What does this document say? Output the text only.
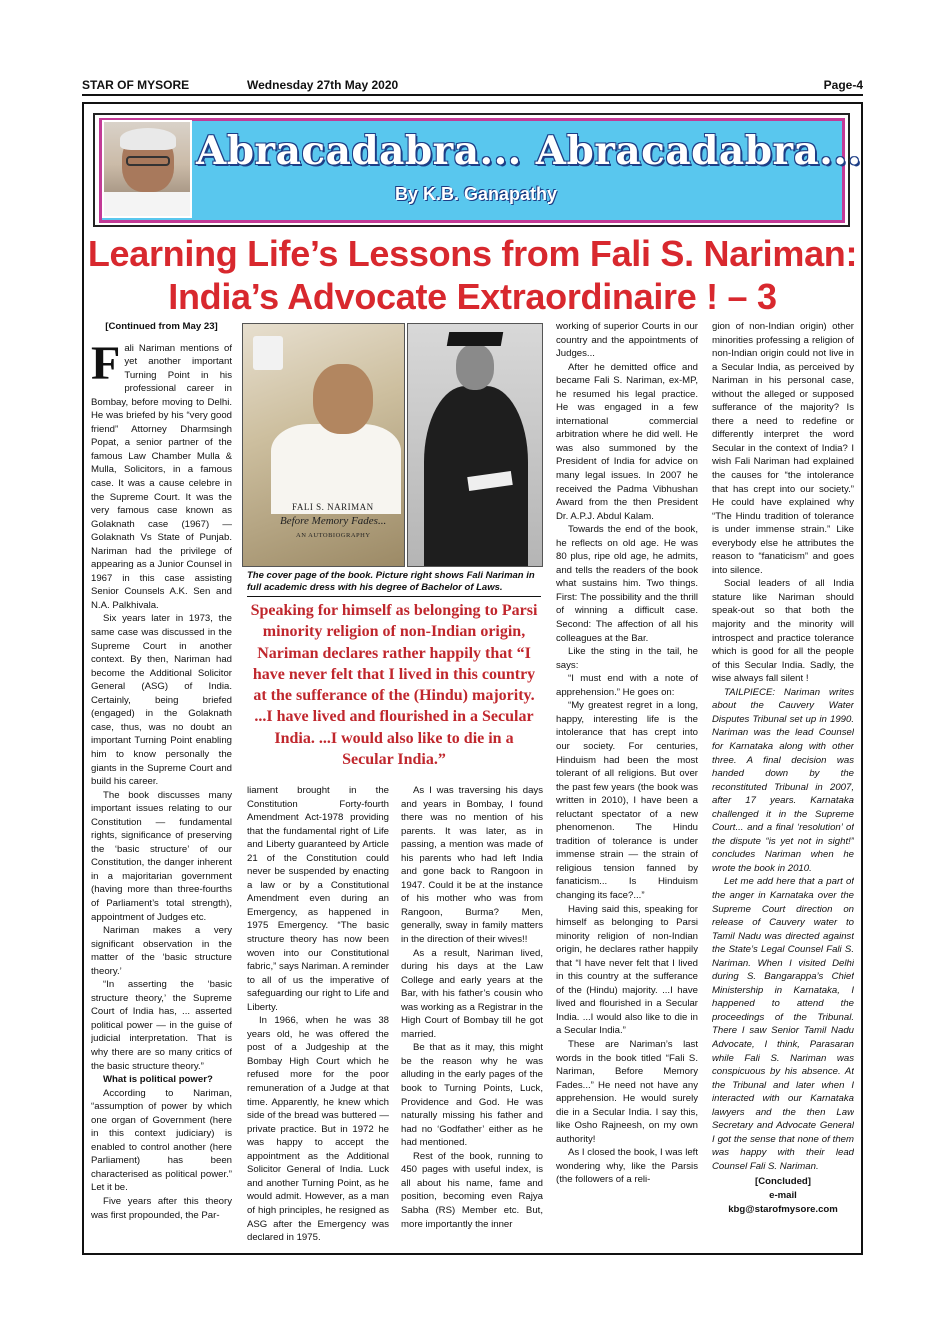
STAR OF MYSORE	Wednesday 27th May 2020	Page-4
Abracadabra... Abracadabra...
By K.B. Ganapathy
Learning Life’s Lessons from Fali S. Nariman:
India’s Advocate Extraordinaire ! – 3
[Continued from May 23]
F ali Nariman mentions of yet another important Turning Point in his professional career in Bombay, before moving to Delhi. He was briefed by his “very good friend” Attorney Dharmsingh Popat, a senior partner of the famous Law Chamber Mulla & Mulla, Solicitors, in a famous case. It was a cause celebre in the Supreme Court. It was the very famous case known as Golaknath case (1967) — Golaknath Vs State of Punjab. Nariman had the privilege of appearing as a Junior Counsel in 1967 in this case assisting Senior Counsels A.K. Sen and N.A. Palkhivala.

Six years later in 1973, the same case was discussed in the Supreme Court in another context. By then, Nariman had become the Additional Solicitor General (ASG) of India. Certainly, being briefed (engaged) in the Golaknath case, thus, was no doubt an important Turning Point enabling him to know personally the giants in the Supreme Court and build his career.

The book discusses many important issues relating to our Constitution — fundamental rights, significance of preserving the ‘basic structure’ of our Constitution, the danger inherent in a majoritarian government (having more than three-fourths of Parliament’s total strength), appointment of Judges etc.

Nariman makes a very significant observation in the matter of the ‘basic structure theory.’

“In asserting the ‘basic structure theory,’ the Supreme Court of India has, ... asserted political power — in the guise of judicial interpretation. That is why there are so many critics of the basic structure theory.”

What is political power?

According to Nariman, “assumption of power by which one organ of Government (here in this context judiciary) is enabled to control another (here Parliament) has been characterised as political power.” Let it be.

Five years after this theory was first propounded, the Par-

FALI S. NARIMAN
Before Memory Fades...
AN AUTOBIOGRAPHY
The cover page of the book. Picture right shows Fali Nariman in full academic dress with his degree of Bachelor of Laws.
Speaking for himself as belonging to Parsi minority religion of non-Indian origin, Nariman declares rather happily that “I have never felt that I lived in this country at the sufferance of the (Hindu) majority. ...I have lived and flourished in a Secular India. ...I would also like to die in a Secular India.”

liament brought in the Constitution Forty-fourth Amendment Act-1978 providing that the fundamental right of Life and Liberty guaranteed by Article 21 of the Constitution could never be suspended by enacting a law or by a Constitutional Amendment even during an Emergency, as happened in 1975 Emergency. “The basic structure theory has now been woven into our Constitutional fabric,” says Nariman. A reminder to all of us the imperative of safeguarding our right to Life and Liberty.

In 1966, when he was 38 years old, he was offered the post of a Judgeship at the Bombay High Court which he refused more for the poor remuneration of a Judge at that time. Apparently, he knew which side of the bread was buttered — private practice. But in 1972 he was happy to accept the appointment as the Additional Solicitor General of India. Luck and another Turning Point, as he would admit. However, as a man of high principles, he resigned as ASG after the Emergency was declared in 1975.

As I was traversing his days and years in Bombay, I found there was no mention of his parents. It was later, as in passing, a mention was made of his parents who had left India and gone back to Rangoon in 1947. Could it be at the instance of his mother who was from Rangoon, Burma? Men, generally, sway in family matters in the direction of their wives!!

As a result, Nariman lived, during his days at the Law College and early years at the Bar, with his father’s cousin who was working as a Registrar in the High Court of Bombay till he got married.

Be that as it may, this might be the reason why he was alluding in the early pages of the book to Turning Points, Luck, Providence and God. He was naturally missing his father and had no ‘Godfather’ either as he had mentioned.

Rest of the book, running to 450 pages with useful index, is all about his name, fame and position, becoming even Rajya Sabha (RS) Member etc. But, more importantly the inner

working of superior Courts in our country and the appointments of Judges...

After he demitted office and became Fali S. Nariman, ex-MP, he resumed his legal practice. He was engaged in a few international commercial arbitration where he did well. He was also summoned by the President of India for advice on many legal issues. In 2007 he received the Padma Vibhushan Award from the then President Dr. A.P.J. Abdul Kalam.

Towards the end of the book, he reflects on old age. He was 80 plus, ripe old age, he admits, and tells the readers of the book what sustains him. Two things. First: The possibility and the thrill of winning a difficult case. Second: The affection of all his colleagues at the Bar.

Like the sting in the tail, he says:

“I must end with a note of apprehension.” He goes on:

“My greatest regret in a long, happy, interesting life is the intolerance that has crept into our society. For centuries, Hinduism had been the most tolerant of all religions. But over the past few years (the book was written in 2010), I have been a reluctant spectator of a new phenomenon. The Hindu tradition of tolerance is under immense strain — the strain of religious tension fanned by fanaticism... Is Hinduism changing its face?...”

Having said this, speaking for himself as belonging to Parsi minority religion of non-Indian origin, he declares rather happily that “I have never felt that I lived in this country at the sufferance of the (Hindu) majority. ...I have lived and flourished in a Secular India. ...I would also like to die in a Secular India.”

These are Nariman’s last words in the book titled “Fali S. Nariman, Before Memory Fades...” He need not have any apprehension. He would surely die in a Secular India. I say this, like Osho Rajneesh, on my own authority!

As I closed the book, I was left wondering why, like the Parsis (the followers of a reli-

gion of non-Indian origin) other minorities professing a religion of non-Indian origin could not live in a Secular India, as perceived by Nariman in his personal case, without the alleged or supposed sufferance of the majority? Is there a need to redefine or differently interpret the word Secular in the context of India? I wish Fali Nariman had explained the causes for “the intolerance that has crept into our society.” He could have explained why “The Hindu tradition of tolerance is under immense strain.” Like everybody else he attributes the reason to “fanaticism” and goes into silence.

Social leaders of all India stature like Nariman should speak-out so that both the majority and the minority will introspect and practice tolerance which is good for all the people of this Secular India. Sadly, the wise always fall silent !

TAILPIECE: Nariman writes about the Cauvery Water Disputes Tribunal set up in 1990. Nariman was the lead Counsel for Karnataka along with other three. A final decision was handed down by the reconstituted Tribunal in 2007, after 17 years. Karnataka challenged it in the Supreme Court... and a final ‘resolution’ of the dispute “is yet not in sight!” concludes Nariman when he wrote the book in 2010.

Let me add here that a part of the anger in Karnataka over the Supreme Court direction on release of Cauvery water to Tamil Nadu was directed against the State’s Legal Counsel Fali S. Nariman. When I visited Delhi during S. Bangarappa’s Chief Ministership in Karnataka, I happened to attend the proceedings of the Tribunal. There I saw Senior Tamil Nadu Advocate, I think, Parasaran while Fali S. Nariman was conspicuous by his absence. At the Tribunal and later when I interacted with our Karnataka lawyers and the then Law Secretary and Advocate General I got the sense that none of them was happy with their lead Counsel Fali S. Nariman.

[Concluded]
e-mail
kbg@starofmysore.com
